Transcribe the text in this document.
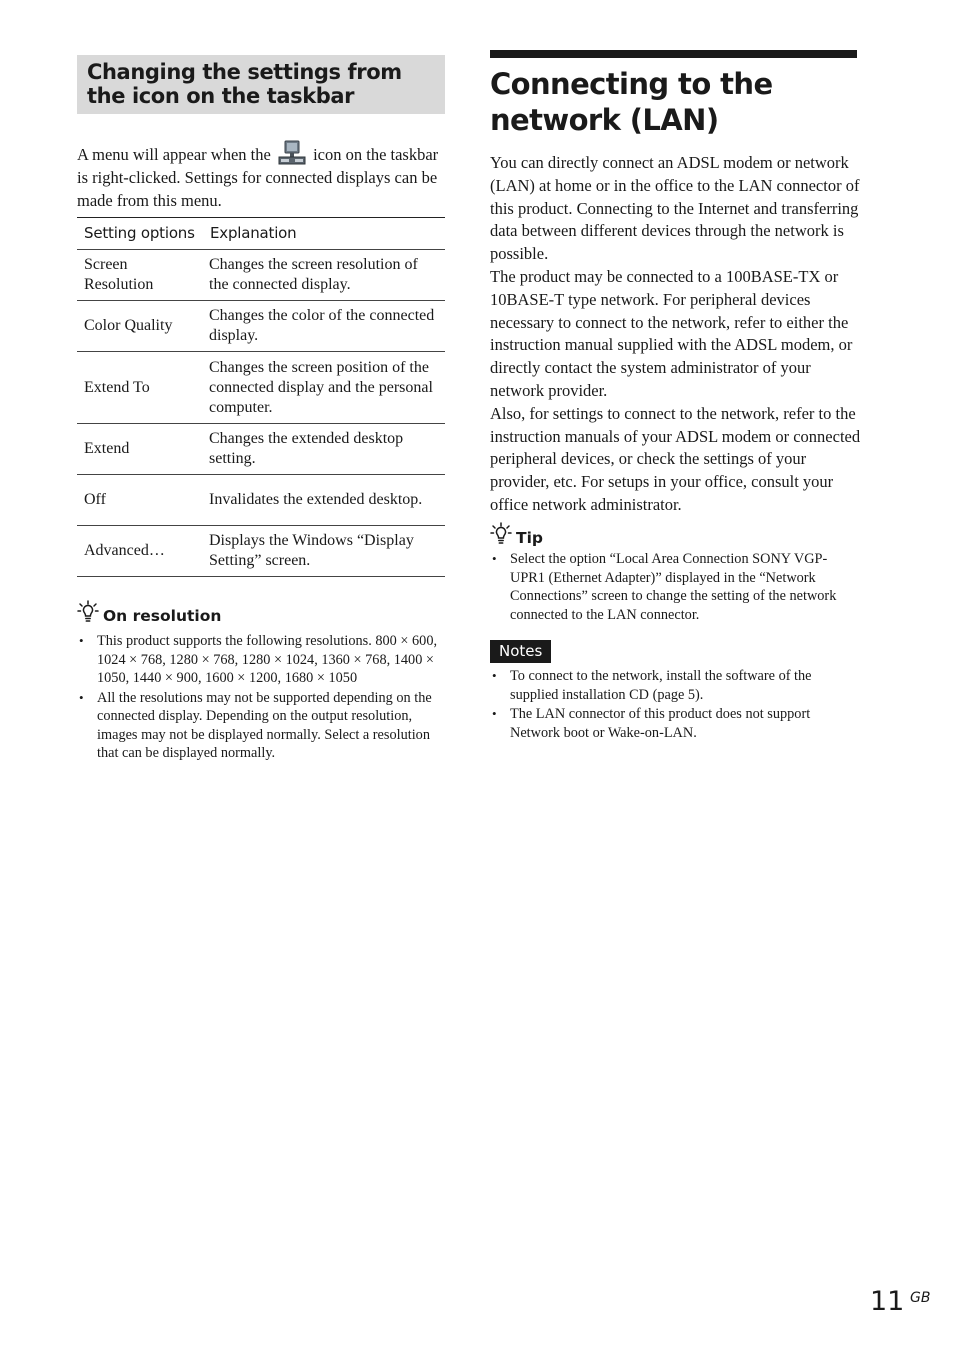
Changing the settings from the icon on the taskbar
A menu will appear when the	icon on the taskbar is right-clicked. Settings for connected displays can be made from this menu.
Setting options	Explanation
Screen Resolution	Changes the screen resolution of the connected display.
Color Quality	Changes the color of the connected display.
Extend To	Changes the screen position of the connected display and the personal computer.
Extend	Changes the extended desktop setting.
Off	Invalidates the extended desktop.
Advanced…	Displays the Windows “Display Setting” screen.
On resolution
• This product supports the following resolutions. 800 × 600, 1024 × 768, 1280 × 768, 1280 × 1024, 1360 × 768, 1400 × 1050, 1440 × 900, 1600 × 1200, 1680 × 1050
• All the resolutions may not be supported depending on the connected display. Depending on the output resolution, images may not be displayed normally. Select a resolution that can be displayed normally.
Connecting to the network (LAN)
You can directly connect an ADSL modem or network (LAN) at home or in the office to the LAN connector of this product. Connecting to the Internet and transferring data between different devices through the network is possible.
The product may be connected to a 100BASE-TX or 10BASE-T type network. For peripheral devices necessary to connect to the network, refer to either the instruction manual supplied with the ADSL modem, or directly contact the system administrator of your network provider.
Also, for settings to connect to the network, refer to the instruction manuals of your ADSL modem or connected peripheral devices, or check the settings of your provider, etc. For setups in your office, consult your office network administrator.
Tip
• Select the option “Local Area Connection SONY VGP-UPR1 (Ethernet Adapter)” displayed in the “Network Connections” screen to change the setting of the network connected to the LAN connector.
Notes
• To connect to the network, install the software of the supplied installation CD (page 5).
• The LAN connector of this product does not support Network boot or Wake-on-LAN.
11 GB
